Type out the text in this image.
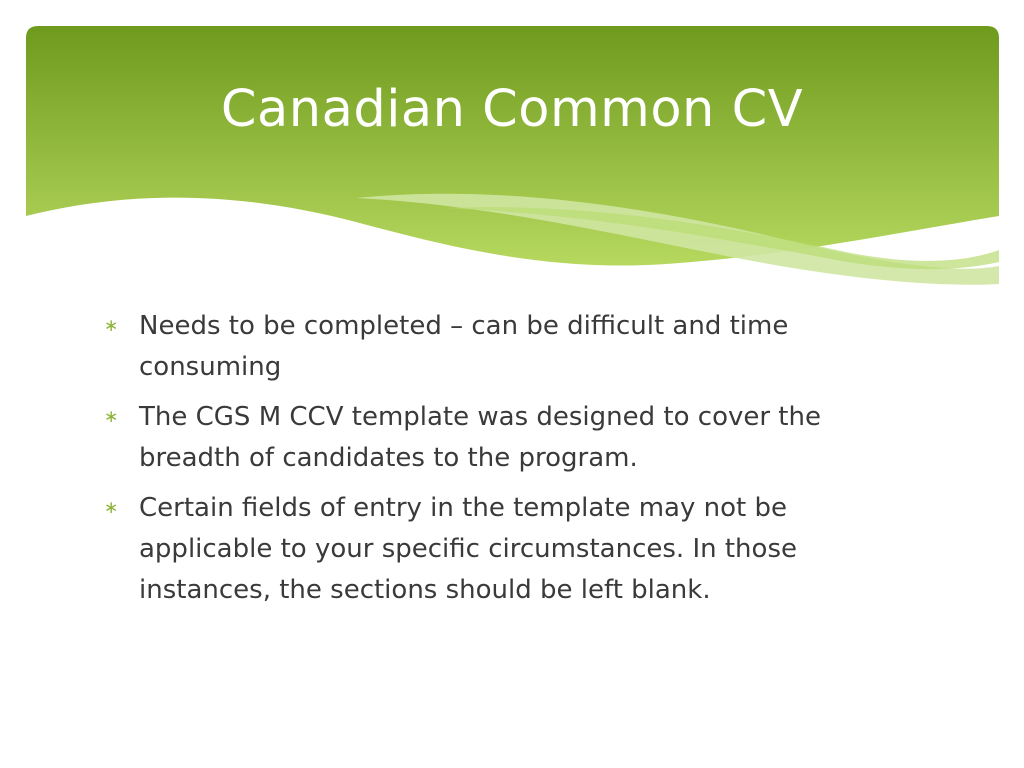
Canadian Common CV
∗ Needs to be completed – can be difficult and time consuming
∗ The CGS M CCV template was designed to cover the breadth of candidates to the program.
∗ Certain fields of entry in the template may not be applicable to your specific circumstances. In those instances, the sections should be left blank.
